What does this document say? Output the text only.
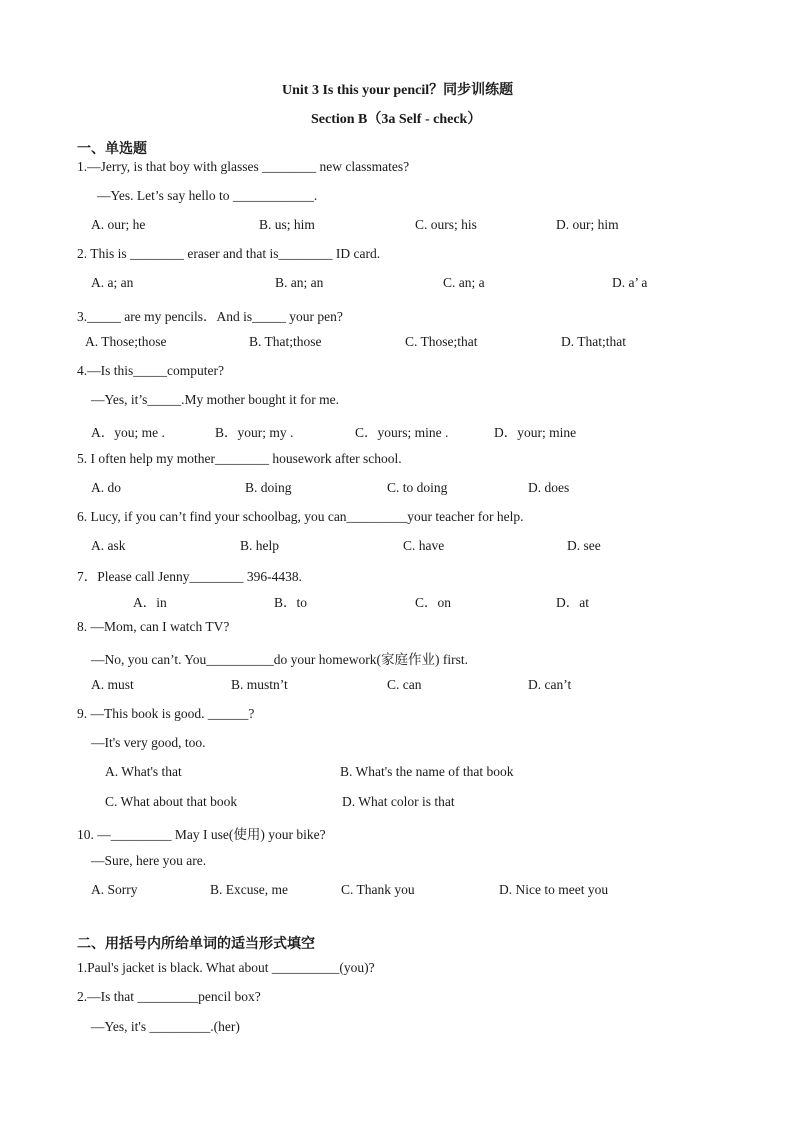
Unit 3 Is this your pencil？同步训练题
Section B（3a Self - check）
一、单选题
1.—Jerry, is that boy with glasses ________ new classmates?
—Yes. Let’s say hello to ____________.
A. our; he	B. us; him	C. ours; his	D. our; him
2. This is ________ eraser and that is________ ID card.
A. a; an	B. an; an	C. an; a	D. a’ a
3._____ are my pencils．And is_____ your pen?
A. Those;those	B. That;those	C. Those;that	D. That;that
4.—Is this_____computer?
—Yes, it’s_____.My mother bought it for me.
A．you; me .	B．your; my .	C．yours; mine .	D．your; mine
5. I often help my mother________ housework after school.
A. do	B. doing	C. to doing	D. does
6. Lucy, if you can’t find your schoolbag, you can_________your teacher for help.
A. ask	B. help	C. have	D. see
7．Please call Jenny________ 396-4438.
A．in	B．to	C．on	D．at
8. —Mom, can I watch TV?
—No, you can’t. You__________do your homework(家庭作业) first.
A. must	B. mustn’t	C. can	D. can’t
9. —This book is good. ______?
—It's very good, too.
A. What's that	B. What's the name of that book
C. What about that book	D. What color is that
10. —_________ May I use(使用) your bike?
—Sure, here you are.
A. Sorry	B. Excuse, me	C. Thank you	D. Nice to meet you
二、用括号内所给单词的适当形式填空
1.Paul's jacket is black. What about __________(you)?
2.—Is that _________pencil box?
—Yes, it's _________.(her)
